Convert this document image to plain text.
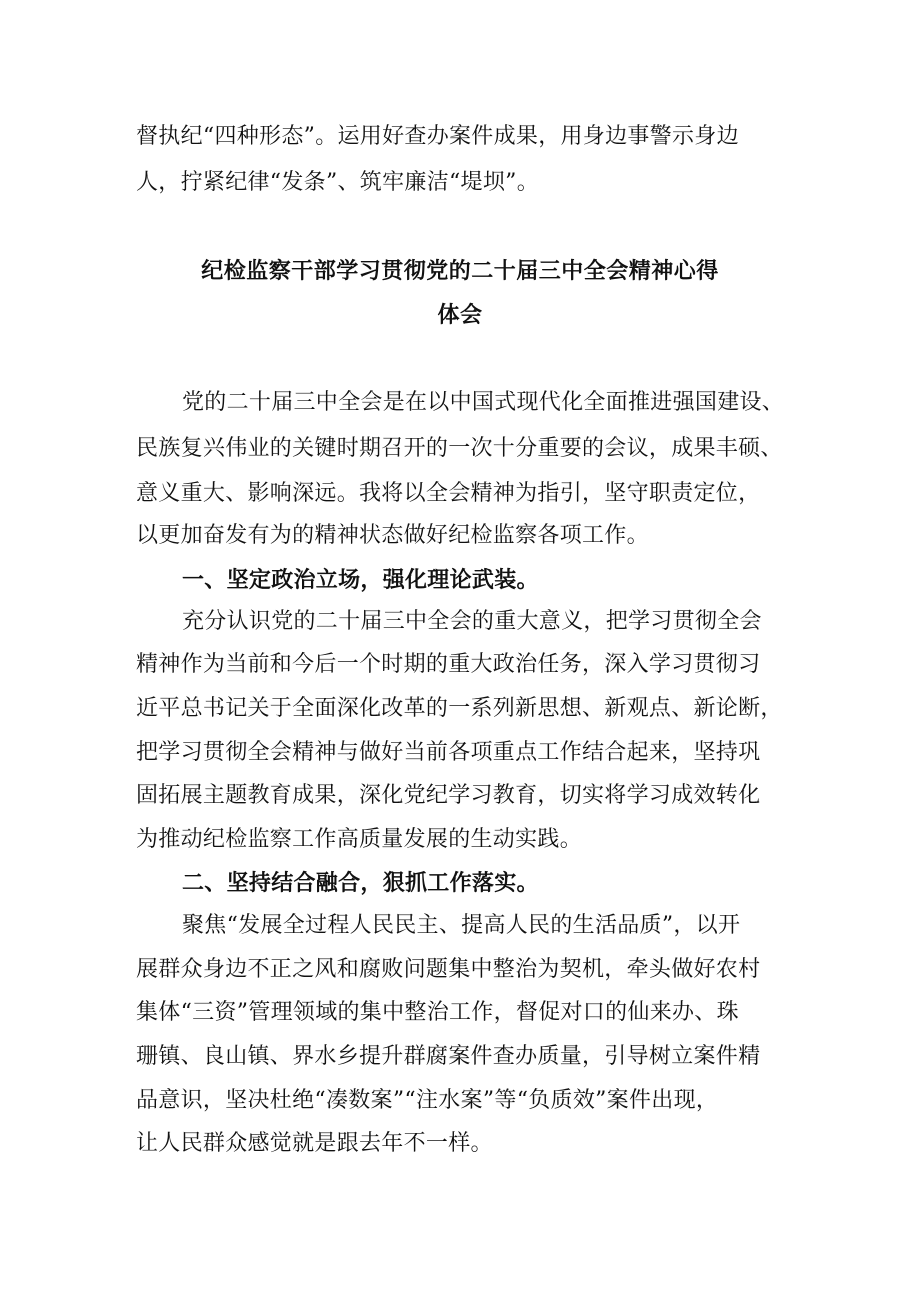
督执纪“四种形态”。运用好查办案件成果，用身边事警示身边
人，拧紧纪律“发条”、筑牢廉洁“堤坝”。
纪检监察干部学习贯彻党的二十届三中全会精神心得
体会
党的二十届三中全会是在以中国式现代化全面推进强国建设、
民族复兴伟业的关键时期召开的一次十分重要的会议，成果丰硕、
意义重大、影响深远。我将以全会精神为指引，坚守职责定位，
以更加奋发有为的精神状态做好纪检监察各项工作。
一、坚定政治立场，强化理论武装。
充分认识党的二十届三中全会的重大意义，把学习贯彻全会
精神作为当前和今后一个时期的重大政治任务，深入学习贯彻习
近平总书记关于全面深化改革的一系列新思想、新观点、新论断，
把学习贯彻全会精神与做好当前各项重点工作结合起来，坚持巩
固拓展主题教育成果，深化党纪学习教育，切实将学习成效转化
为推动纪检监察工作高质量发展的生动实践。
二、坚持结合融合，狠抓工作落实。
聚焦“发展全过程人民民主、提高人民的生活品质”，以开
展群众身边不正之风和腐败问题集中整治为契机，牵头做好农村
集体“三资”管理领域的集中整治工作，督促对口的仙来办、珠
珊镇、良山镇、界水乡提升群腐案件查办质量，引导树立案件精
品意识，坚决杜绝“凑数案”“注水案”等“负质效”案件出现，
让人民群众感觉就是跟去年不一样。
